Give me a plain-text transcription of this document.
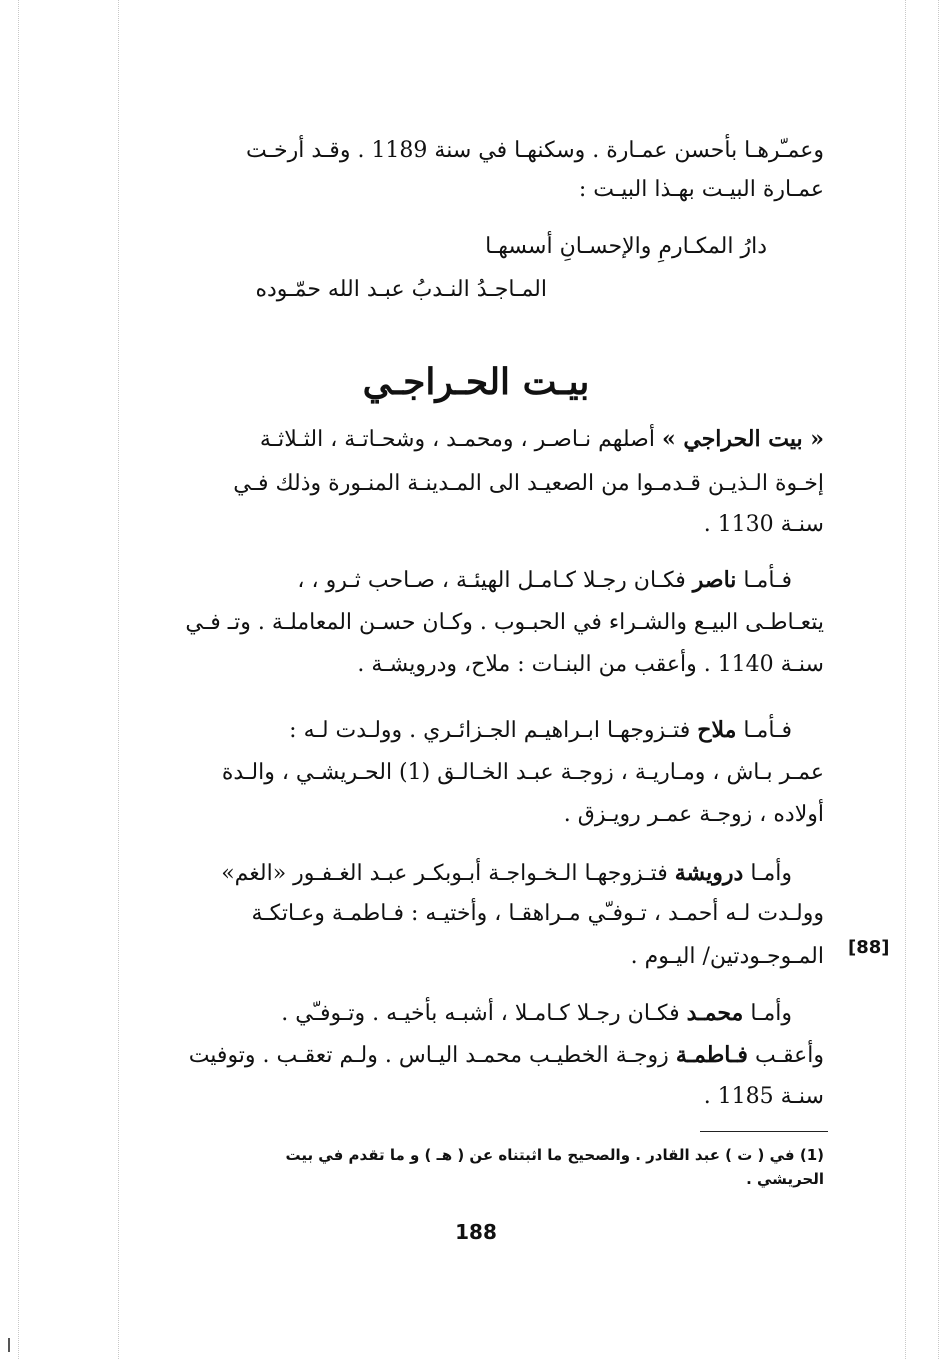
وعمـّرهـا بأحسن عمـارة . وسكنهـا في سنة 1189 . وقـد أرخـت
عمـارة البيـت بهـذا البيـت :
دارُ المكـارمِ والإحسـانِ أسسهـا
المـاجـدُ النـدبُ عبـد الله حمّـوده
بيـت الحـراجـي
« بيت الحراجي » أصلهم نـاصـر ، ومحمـد ، وشحـاتـة ، الثـلاثـة
إخـوة الـذيـن قـدمـوا من الصعيـد الى المـدينـة المنـورة وذلك فـي
سنـة 1130 .
فـأمـا ناصر فكـان رجـلا كـامـل الهيئـة ، صـاحب ثـرو ، ،
يتعـاطـى البيـع والشـراء في الحبـوب . وكـان حسـن المعاملـة . وتـ فـي
سنـة 1140 . وأعقب من البنـات : ملاح، ودرويشـة .
فـأمـا ملاح فتـزوجهـا ابـراهيـم الجـزائـري . وولـدت لـه :
عمـر بـاش ، ومـاريـة ، زوجـة عبـد الخـالـق (1) الحـريشـي ، والـدة
أولاده ، زوجـة عمـر رويـزق .
وأمـا درويشة فتـزوجهـا الـخـواجـة أبـوبكـر عبـد الغـفـور «الغم»
وولـدت لـه أحمـد ، تـوفـّي مـراهقـا ، وأختيـه : فـاطمـة وعـاتكـة
المـوجـودتين/ اليـوم . [88]
وأمـا محمـد فكـان رجـلا كـامـلا ، أشبـه بأخيـه . وتـوفـّي .
وأعقـب فـاطمـة زوجـة الخطيـب محمـد اليـاس . ولـم تعقـب . وتوفيت
سنـة 1185 .
(1) في ( ت ) عبد القادر . والصحيح ما اثبتناه عن ( هـ ) و ما تقدم في بيت
الحريشي .
188
